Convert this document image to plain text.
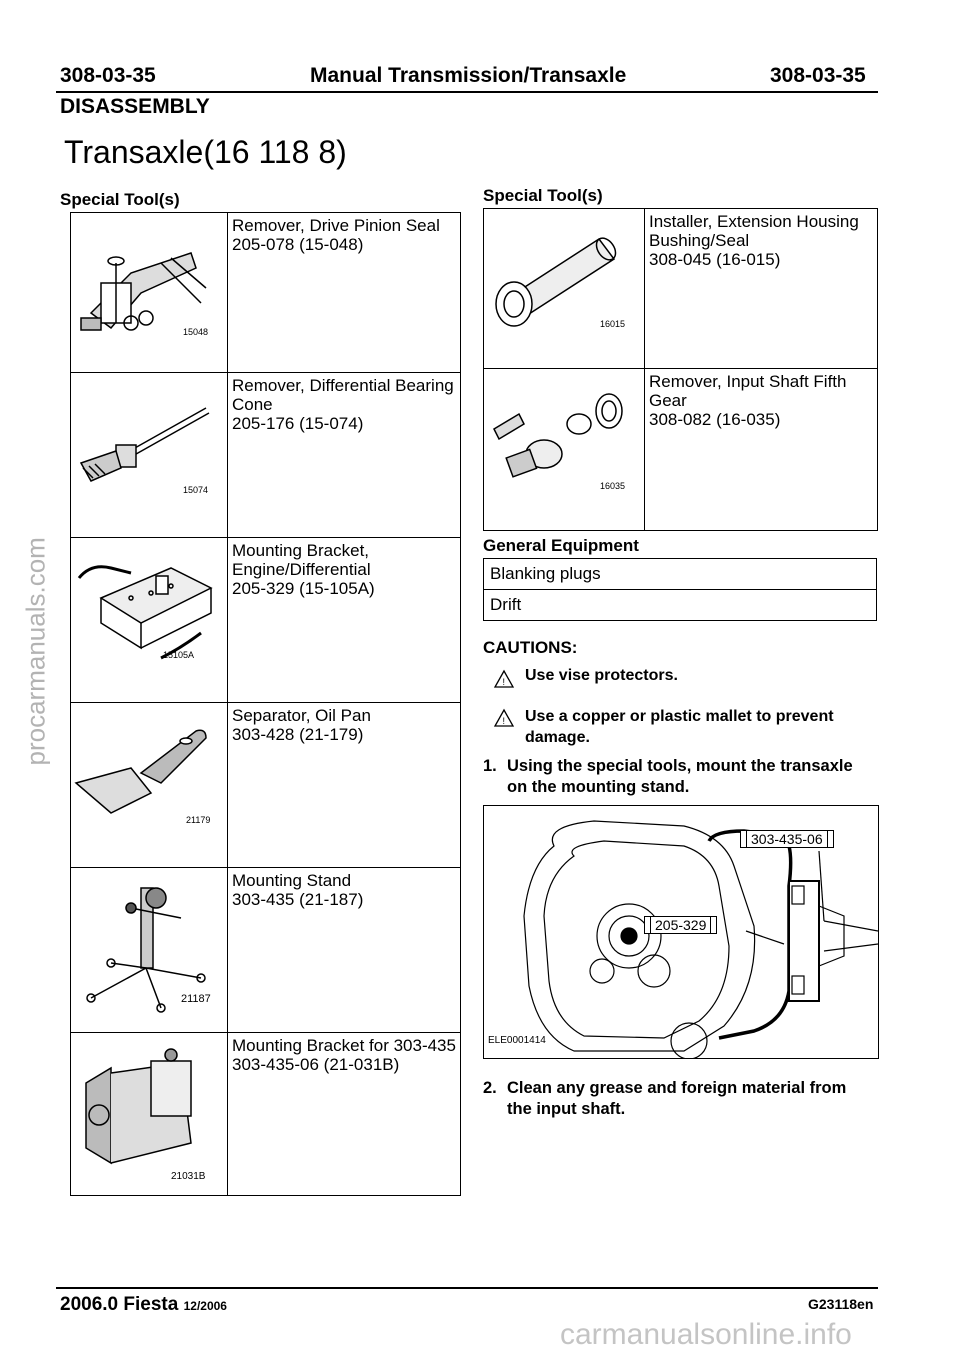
308-03-35	Manual Transmission/Transaxle	308-03-35
DISASSEMBLY
Transaxle(16 118 8)
procarmanuals.com
Special Tool(s)
15048	Remover, Drive Pinion Seal
205-078 (15-048)

15074	Remover, Differential Bearing
Cone
205-176 (15-074)

15105A	Mounting Bracket,
Engine/Differential
205-329 (15-105A)

21179	Separator, Oil Pan
303-428 (21-179)

21187	Mounting Stand
303-435 (21-187)

21031B	Mounting Bracket for 303-435
303-435-06 (21-031B)
Special Tool(s)
16015	Installer, Extension Housing
Bushing/Seal
308-045 (16-015)

16035	Remover, Input Shaft Fifth
Gear
308-082 (16-035)
General Equipment
Blanking plugs
Drift
CAUTIONS:
! Use vise protectors.
! Use a copper or plastic mallet to prevent
damage.
1. Using the special tools, mount the transaxle
on the mounting stand.
303-435-06
205-329
ELE0001414
2. Clean any grease and foreign material from
the input shaft.
2006.0 Fiesta 12/2006	G23118en
carmanualsonline.info
